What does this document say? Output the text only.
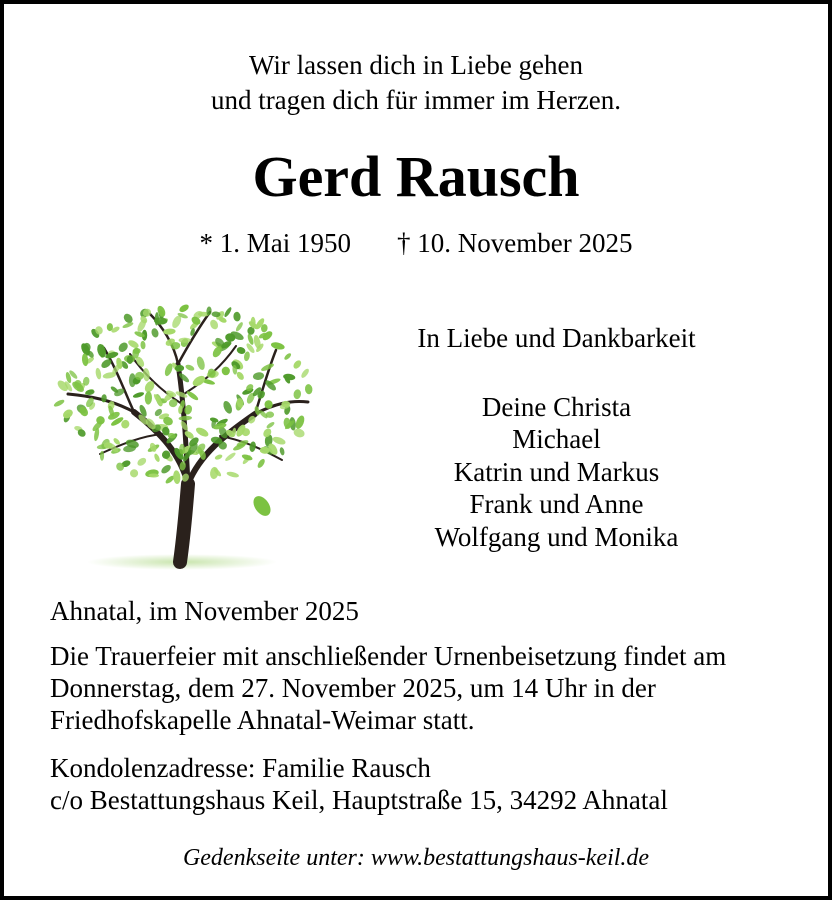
Wir lassen dich in Liebe gehen
und tragen dich für immer im Herzen.
Gerd Rausch
* 1. Mai 1950 † 10. November 2025
In Liebe und Dankbarkeit
Deine Christa
Michael
Katrin und Markus
Frank und Anne
Wolfgang und Monika
Ahnatal, im November 2025
Die Trauerfeier mit anschließender Urnenbeisetzung findet am
Donnerstag, dem 27. November 2025, um 14 Uhr in der
Friedhofskapelle Ahnatal-Weimar statt.
Kondolenzadresse: Familie Rausch
c/o Bestattungshaus Keil, Hauptstraße 15, 34292 Ahnatal
Gedenkseite unter: www.bestattungshaus-keil.de
